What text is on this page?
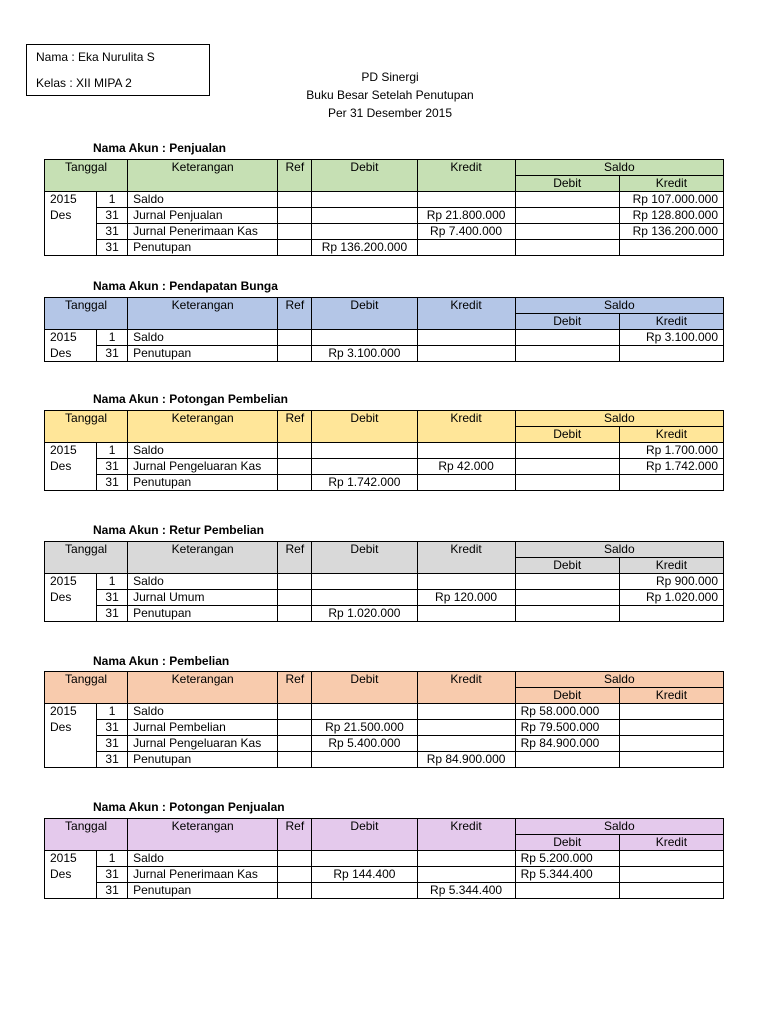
Nama : Eka Nurulita S
Kelas : XII MIPA 2	PD Sinergi
Buku Besar Setelah Penutupan
Per 31 Desember 2015
Nama Akun : Penjualan
Tanggal		Keterangan	Ref	Debit	Kredit	Saldo	
						Debit	Kredit
2015	1	Saldo					Rp 107.000.000
Des	31	Jurnal Penjualan			Rp 21.800.000		Rp 128.800.000
	31	Jurnal Penerimaan Kas			Rp 7.400.000		Rp 136.200.000
	31	Penutupan		Rp 136.200.000			
Nama Akun : Pendapatan Bunga
Tanggal		Keterangan	Ref	Debit	Kredit	Saldo	
						Debit	Kredit
2015	1	Saldo					Rp 3.100.000
Des	31	Penutupan		Rp 3.100.000			
Nama Akun : Potongan Pembelian
Tanggal		Keterangan	Ref	Debit	Kredit	Saldo	
						Debit	Kredit
2015	1	Saldo					Rp 1.700.000
Des	31	Jurnal Pengeluaran Kas			Rp 42.000		Rp 1.742.000
	31	Penutupan		Rp 1.742.000			
Nama Akun : Retur Pembelian
Tanggal		Keterangan	Ref	Debit	Kredit	Saldo	
						Debit	Kredit
2015	1	Saldo					Rp 900.000
Des	31	Jurnal Umum			Rp 120.000		Rp 1.020.000
	31	Penutupan		Rp 1.020.000			
Nama Akun : Pembelian
Tanggal		Keterangan	Ref	Debit	Kredit	Saldo	
						Debit	Kredit
2015	1	Saldo				Rp 58.000.000	
Des	31	Jurnal Pembelian		Rp 21.500.000		Rp 79.500.000	
	31	Jurnal Pengeluaran Kas		Rp 5.400.000		Rp 84.900.000	
	31	Penutupan			Rp 84.900.000		
Nama Akun : Potongan Penjualan
Tanggal		Keterangan	Ref	Debit	Kredit	Saldo	
						Debit	Kredit
2015	1	Saldo				Rp 5.200.000	
Des	31	Jurnal Penerimaan Kas		Rp 144.400		Rp 5.344.400	
	31	Penutupan			Rp 5.344.400		
